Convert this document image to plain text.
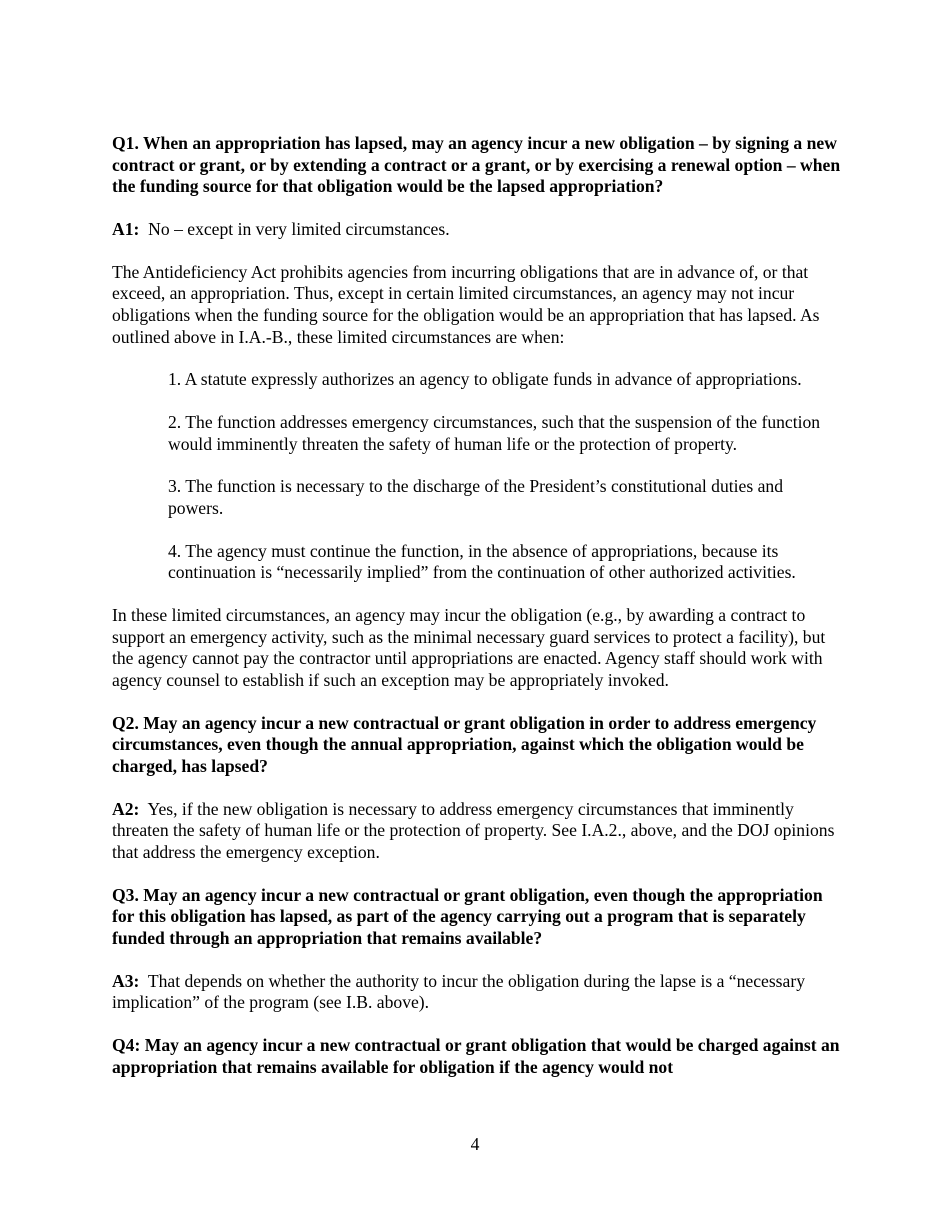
Q1. When an appropriation has lapsed, may an agency incur a new obligation – by signing a new contract or grant, or by extending a contract or a grant, or by exercising a renewal option – when the funding source for that obligation would be the lapsed appropriation?

A1: No – except in very limited circumstances.

The Antideficiency Act prohibits agencies from incurring obligations that are in advance of, or that exceed, an appropriation. Thus, except in certain limited circumstances, an agency may not incur obligations when the funding source for the obligation would be an appropriation that has lapsed. As outlined above in I.A.-B., these limited circumstances are when:

1. A statute expressly authorizes an agency to obligate funds in advance of appropriations.

2. The function addresses emergency circumstances, such that the suspension of the function would imminently threaten the safety of human life or the protection of property.

3. The function is necessary to the discharge of the President’s constitutional duties and powers.

4. The agency must continue the function, in the absence of appropriations, because its continuation is “necessarily implied” from the continuation of other authorized activities.

In these limited circumstances, an agency may incur the obligation (e.g., by awarding a contract to support an emergency activity, such as the minimal necessary guard services to protect a facility), but the agency cannot pay the contractor until appropriations are enacted. Agency staff should work with agency counsel to establish if such an exception may be appropriately invoked.

Q2. May an agency incur a new contractual or grant obligation in order to address emergency circumstances, even though the annual appropriation, against which the obligation would be charged, has lapsed?

A2: Yes, if the new obligation is necessary to address emergency circumstances that imminently threaten the safety of human life or the protection of property. See I.A.2., above, and the DOJ opinions that address the emergency exception.

Q3. May an agency incur a new contractual or grant obligation, even though the appropriation for this obligation has lapsed, as part of the agency carrying out a program that is separately funded through an appropriation that remains available?

A3: That depends on whether the authority to incur the obligation during the lapse is a “necessary implication” of the program (see I.B. above).

Q4: May an agency incur a new contractual or grant obligation that would be charged against an appropriation that remains available for obligation if the agency would not

4
